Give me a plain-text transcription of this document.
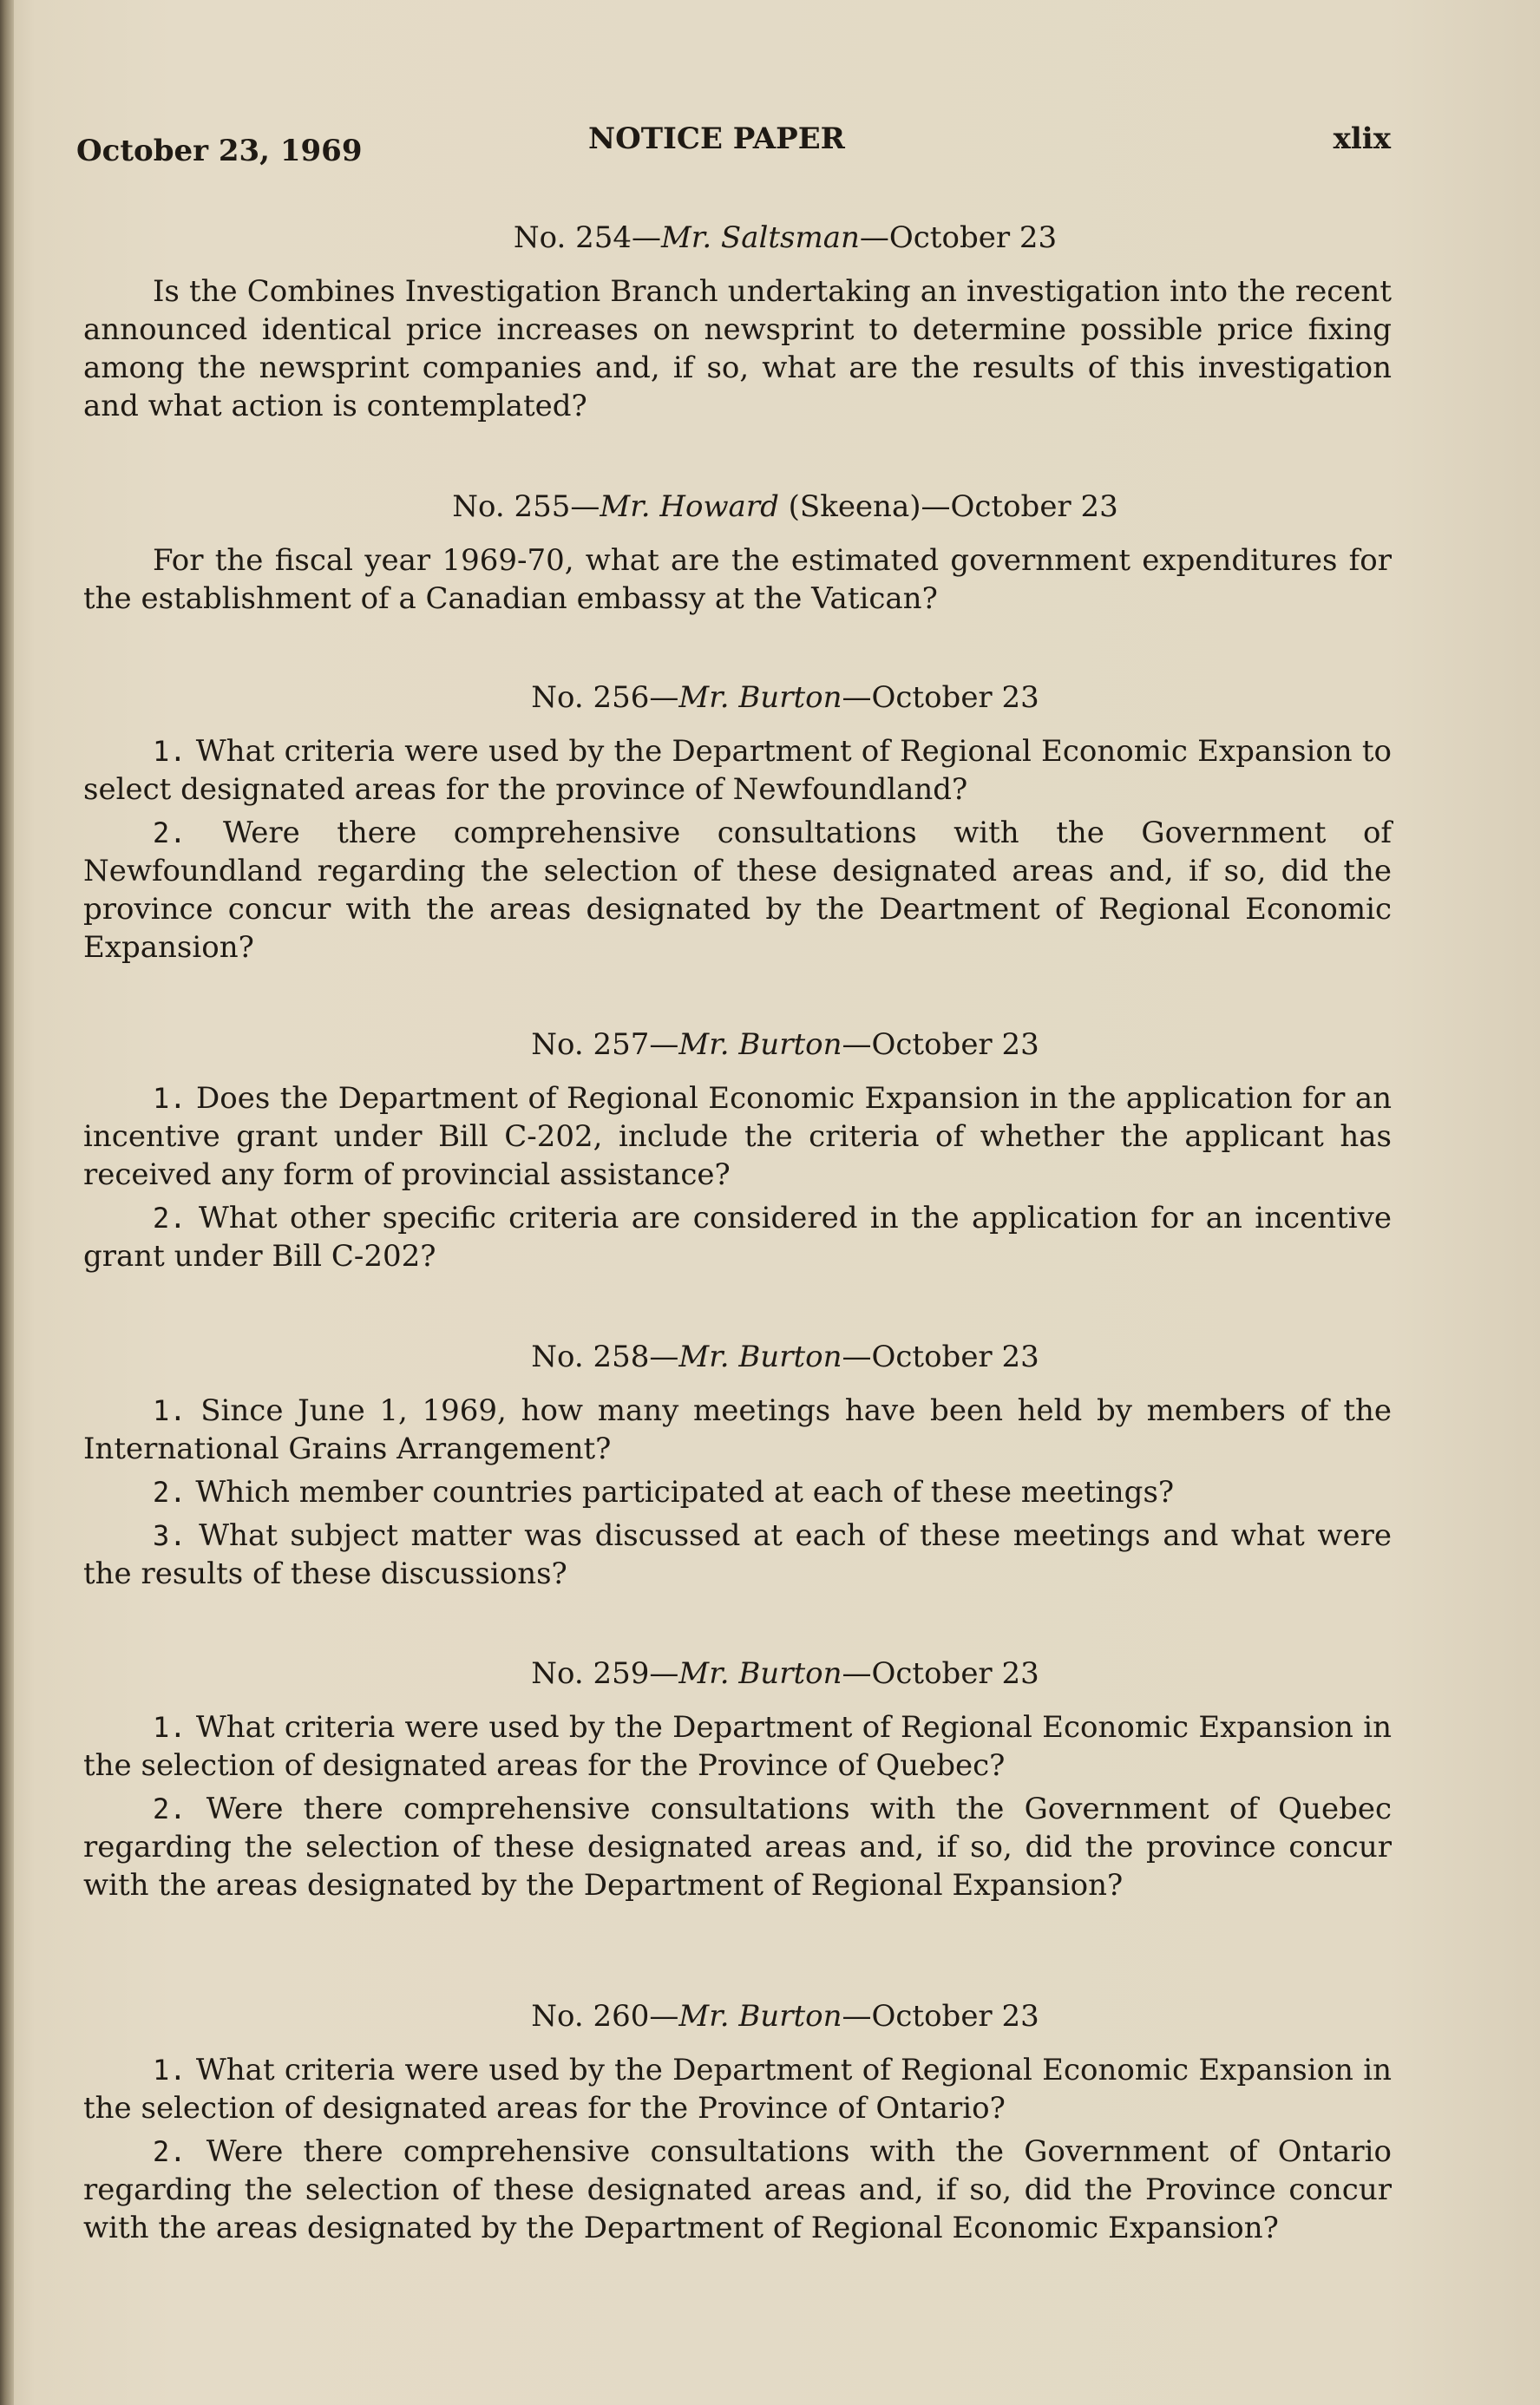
October 23, 1969	NOTICE PAPER	xlix
No. 254—Mr. Saltsman—October 23

Is the Combines Investigation Branch undertaking an investigation into the recent announced identical price increases on newsprint to determine possible price fixing among the newsprint companies and, if so, what are the results of this investigation and what action is contemplated?

No. 255—Mr. Howard (Skeena)—October 23

For the fiscal year 1969-70, what are the estimated government expenditures for the establishment of a Canadian embassy at the Vatican?

No. 256—Mr. Burton—October 23

1. What criteria were used by the Department of Regional Economic Expansion to select designated areas for the province of Newfoundland?

2. Were there comprehensive consultations with the Government of Newfoundland regarding the selection of these designated areas and, if so, did the province concur with the areas designated by the Deartment of Regional Economic Expansion?

No. 257—Mr. Burton—October 23

1. Does the Department of Regional Economic Expansion in the application for an incentive grant under Bill C-202, include the criteria of whether the applicant has received any form of provincial assistance?

2. What other specific criteria are considered in the application for an incentive grant under Bill C-202?

No. 258—Mr. Burton—October 23

1. Since June 1, 1969, how many meetings have been held by members of the International Grains Arrangement?

2. Which member countries participated at each of these meetings?

3. What subject matter was discussed at each of these meetings and what were the results of these discussions?

No. 259—Mr. Burton—October 23

1. What criteria were used by the Department of Regional Economic Expansion in the selection of designated areas for the Province of Quebec?

2. Were there comprehensive consultations with the Government of Quebec regarding the selection of these designated areas and, if so, did the province concur with the areas designated by the Department of Regional Expansion?

No. 260—Mr. Burton—October 23

1. What criteria were used by the Department of Regional Economic Expansion in the selection of designated areas for the Province of Ontario?

2. Were there comprehensive consultations with the Government of Ontario regarding the selection of these designated areas and, if so, did the Province concur with the areas designated by the Department of Regional Economic Expansion?
